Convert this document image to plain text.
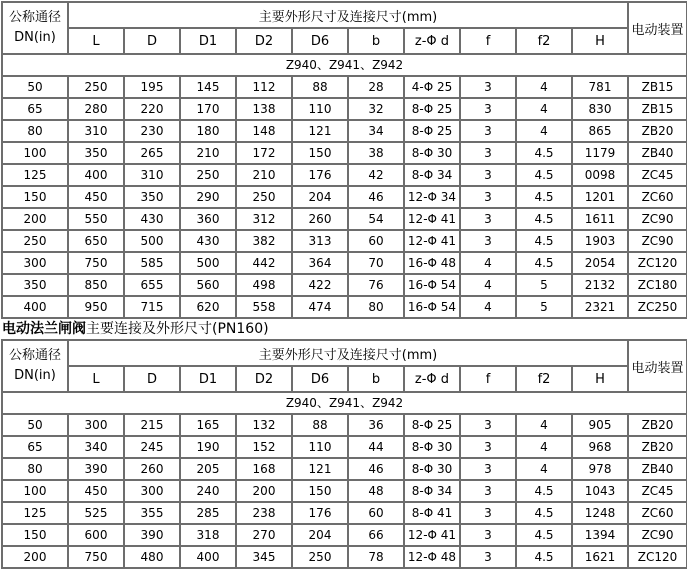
公称通径
DN(in)	主要外形尺寸及连接尺寸(mm)										电动装置
	L	D	D1	D2	D6	b	z-Φ d	f	f2	H	
Z940、Z941、Z942											
50	250	195	145	112	88	28	4-Φ 25	3	4	781	ZB15
65	280	220	170	138	110	32	8-Φ 25	3	4	830	ZB15
80	310	230	180	148	121	34	8-Φ 25	3	4	865	ZB20
100	350	265	210	172	150	38	8-Φ 30	3	4.5	1179	ZB40
125	400	310	250	210	176	42	8-Φ 34	3	4.5	0098	ZC45
150	450	350	290	250	204	46	12-Φ 34	3	4.5	1201	ZC60
200	550	430	360	312	260	54	12-Φ 41	3	4.5	1611	ZC90
250	650	500	430	382	313	60	12-Φ 41	3	4.5	1903	ZC90
300	750	585	500	442	364	70	16-Φ 48	4	4.5	2054	ZC120
350	850	655	560	498	422	76	16-Φ 54	4	5	2132	ZC180
400	950	715	620	558	474	80	16-Φ 54	4	5	2321	ZC250
电动法兰闸阀主要连接及外形尺寸(PN160)
公称通径
DN(in)	主要外形尺寸及连接尺寸(mm)										电动装置
	L	D	D1	D2	D6	b	z-Φ d	f	f2	H	
Z940、Z941、Z942											
50	300	215	165	132	88	36	8-Φ 25	3	4	905	ZB20
65	340	245	190	152	110	44	8-Φ 30	3	4	968	ZB20
80	390	260	205	168	121	46	8-Φ 30	3	4	978	ZB40
100	450	300	240	200	150	48	8-Φ 34	3	4.5	1043	ZC45
125	525	355	285	238	176	60	8-Φ 41	3	4.5	1248	ZC60
150	600	390	318	270	204	66	12-Φ 41	3	4.5	1394	ZC90
200	750	480	400	345	250	78	12-Φ 48	3	4.5	1621	ZC120
